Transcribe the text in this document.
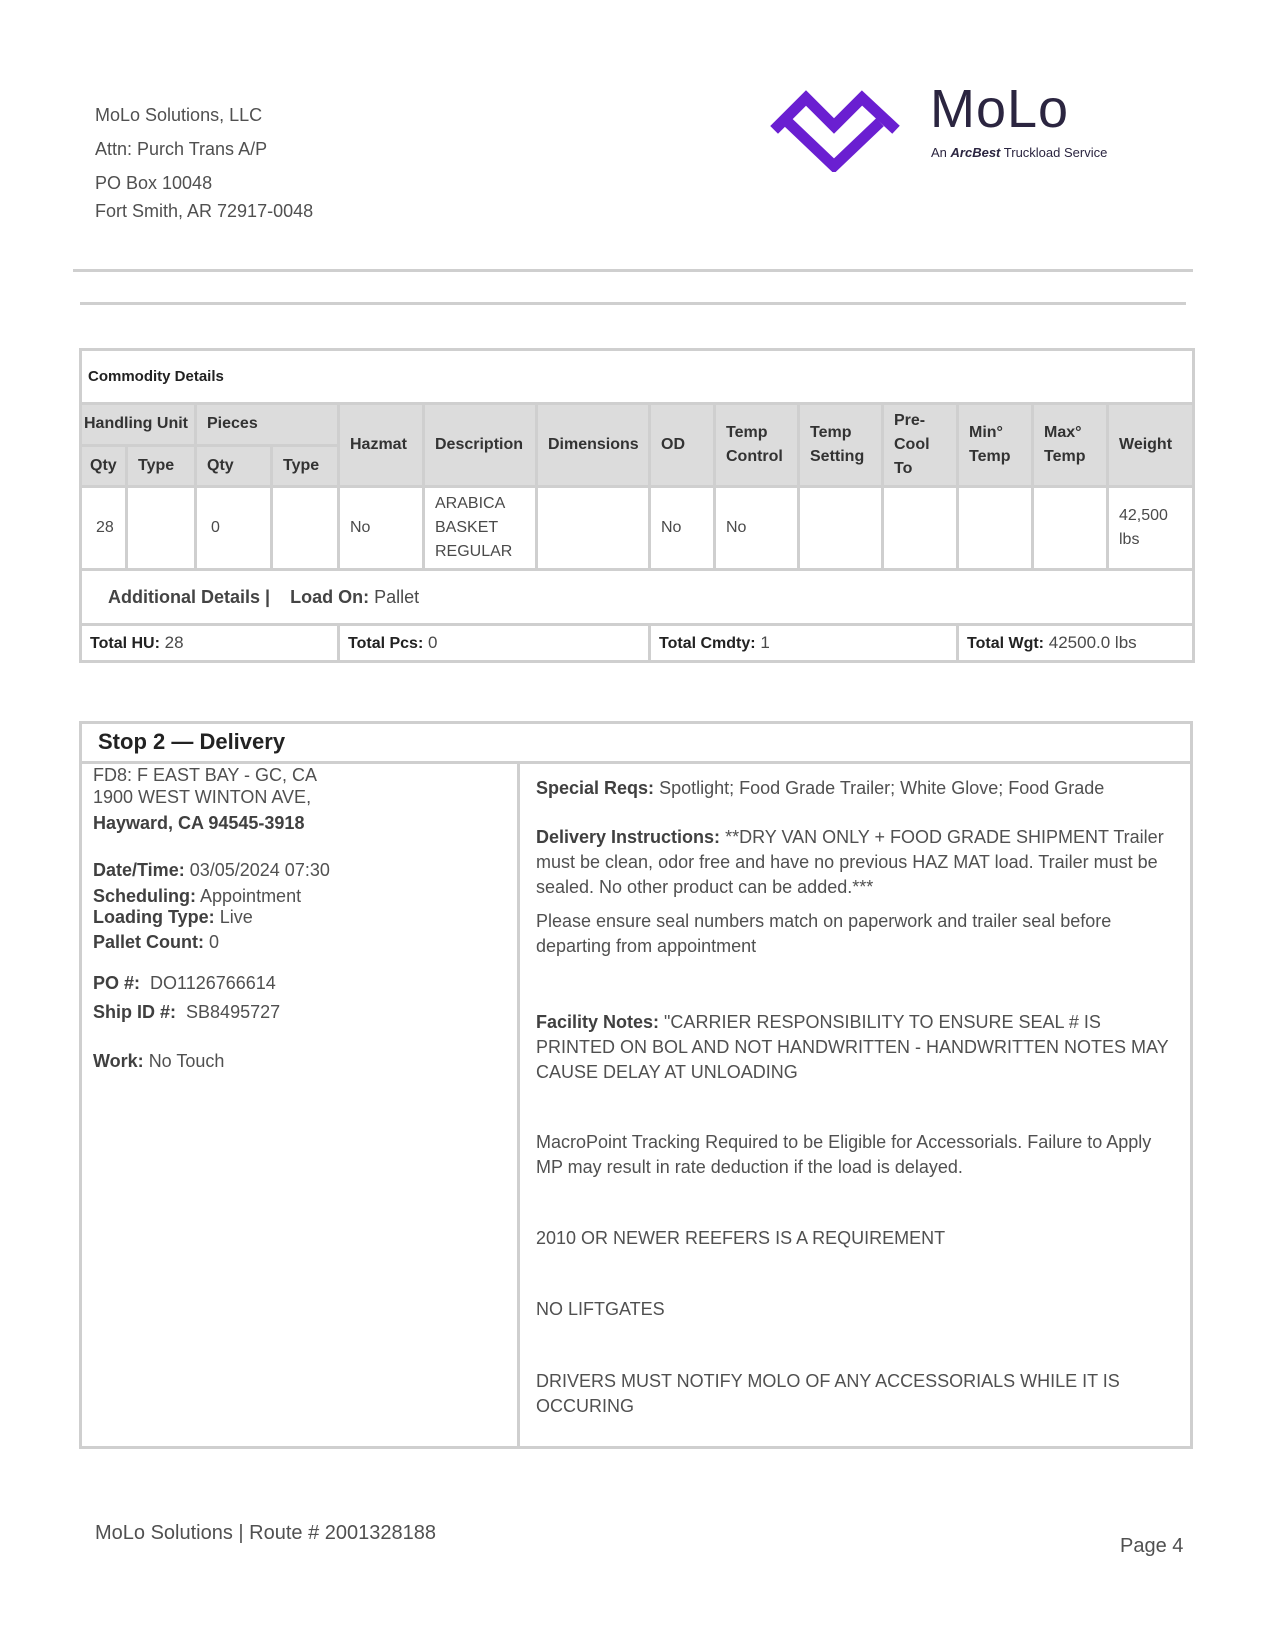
MoLo Solutions, LLC
Attn: Purch Trans A/P
PO Box 10048
Fort Smith, AR 72917-0048
MoLo
An ArcBest Truckload Service
Commodity Details													
Handling Unit		Pieces		Hazmat	Description	Dimensions	OD	Temp Control	Temp Setting	Pre-Cool To	Min° Temp	Max° Temp	Weight
Qty	Type	Qty	Type										
28		0		No	ARABICA BASKET REGULAR		No	No					42,500 lbs
Additional Details | Load On: Pallet													
Total HU: 28				Total Pcs: 0			Total Cmdty: 1				Total Wgt: 42500.0 lbs		
Stop 2 — Delivery
FD8: F EAST BAY - GC, CA
1900 WEST WINTON AVE,
Hayward, CA 94545-3918
Date/Time: 03/05/2024 07:30
Scheduling: Appointment
Loading Type: Live
Pallet Count: 0
PO #: DO1126766614
Ship ID #: SB8495727
Work: No Touch
Special Reqs: Spotlight; Food Grade Trailer; White Glove; Food Grade
Delivery Instructions: **DRY VAN ONLY + FOOD GRADE SHIPMENT Trailer must be clean, odor free and have no previous HAZ MAT load. Trailer must be sealed. No other product can be added.***
Please ensure seal numbers match on paperwork and trailer seal before departing from appointment
Facility Notes: "CARRIER RESPONSIBILITY TO ENSURE SEAL # IS PRINTED ON BOL AND NOT HANDWRITTEN - HANDWRITTEN NOTES MAY CAUSE DELAY AT UNLOADING
MacroPoint Tracking Required to be Eligible for Accessorials. Failure to Apply MP may result in rate deduction if the load is delayed.
2010 OR NEWER REEFERS IS A REQUIREMENT
NO LIFTGATES
DRIVERS MUST NOTIFY MOLO OF ANY ACCESSORIALS WHILE IT IS OCCURING
MoLo Solutions | Route # 2001328188
Page 4
